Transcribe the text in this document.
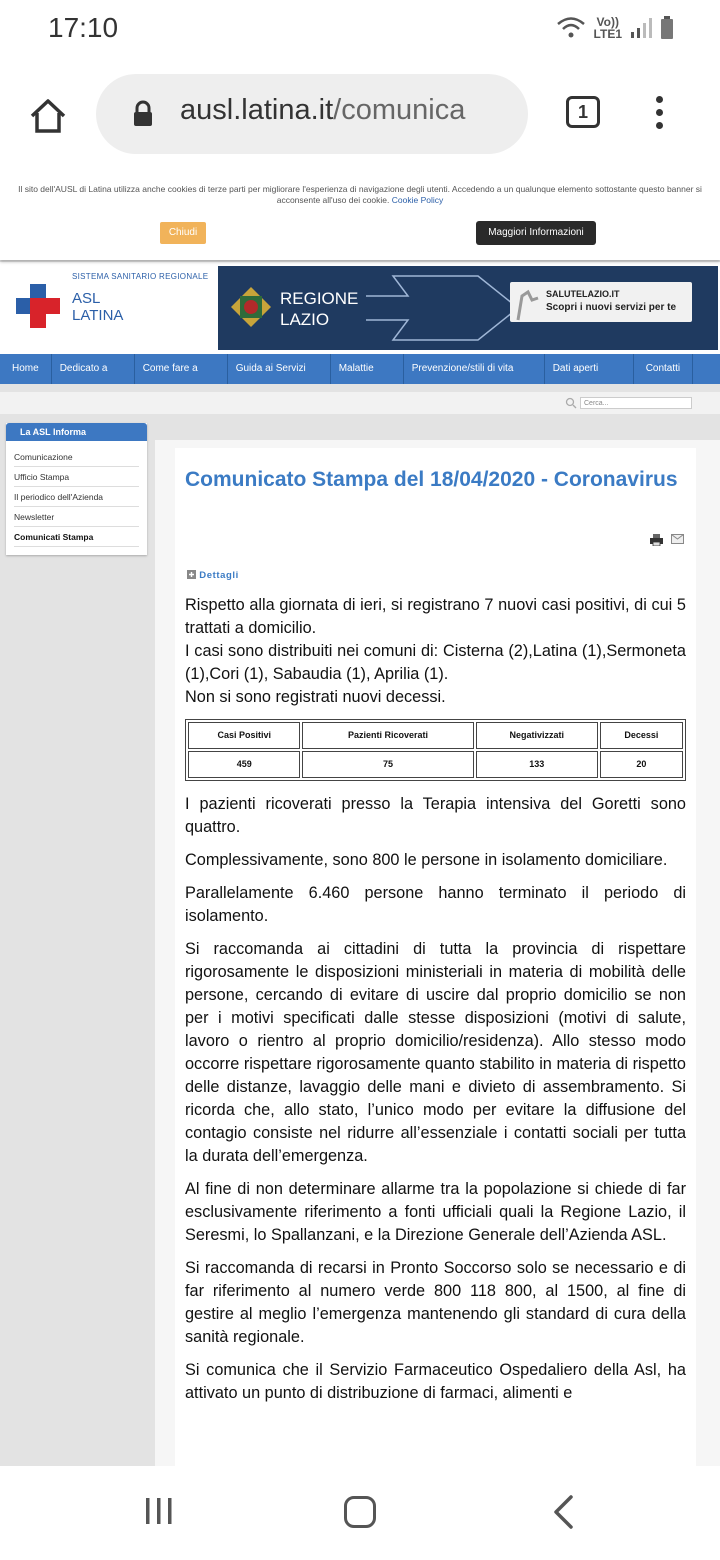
17:10	Vo))
LTE1
ausl.latina.it/comunica	1

Il sito dell'AUSL di Latina utilizza anche cookies di terze parti per migliorare l'esperienza di navigazione degli utenti. Accedendo a un qualunque elemento sottostante questo banner si acconsente all'uso dei cookie. Cookie Policy

Chiudi	Maggiori Informazioni
SISTEMA SANITARIO REGIONALE
ASL
LATINA
REGIONE
LAZIO
SALUTELAZIO.IT
Scopri i nuovi servizi per te
Home	Dedicato a	Come fare a	Guida ai Servizi	Malattie	Prevenzione/stili di vita	Dati aperti	Contatti
Cerca...
La ASL Informa
Comunicazione
Ufficio Stampa
Il periodico dell'Azienda
Newsletter
Comunicati Stampa
Comunicato Stampa del 18/04/2020 - Coronavirus
Dettagli

Rispetto alla giornata di ieri, si registrano 7 nuovi casi positivi, di cui 5 trattati a domicilio.

I casi sono distribuiti nei comuni di: Cisterna (2),Latina (1),Sermoneta (1),Cori (1), Sabaudia (1), Aprilia (1).

Non si sono registrati nuovi decessi.

Casi Positivi	Pazienti Ricoverati	Negativizzati	Decessi
459	75	133	20

I pazienti ricoverati presso la Terapia intensiva del Goretti sono quattro.

Complessivamente, sono 800 le persone in isolamento domiciliare.

Parallelamente 6.460 persone hanno terminato il periodo di isolamento.

Si raccomanda ai cittadini di tutta la provincia di rispettare rigorosamente le disposizioni ministeriali in materia di mobilità delle persone, cercando di evitare di uscire dal proprio domicilio se non per i motivi specificati dalle stesse disposizioni (motivi di salute, lavoro o rientro al proprio domicilio/residenza). Allo stesso modo occorre rispettare rigorosamente quanto stabilito in materia di rispetto delle distanze, lavaggio delle mani e divieto di assembramento. Si ricorda che, allo stato, l’unico modo per evitare la diffusione del contagio consiste nel ridurre all’essenziale i contatti sociali per tutta la durata dell’emergenza.

Al fine di non determinare allarme tra la popolazione si chiede di far esclusivamente riferimento a fonti ufficiali quali la Regione Lazio, il Seresmi, lo Spallanzani, e la Direzione Generale dell’Azienda ASL.

Si raccomanda di recarsi in Pronto Soccorso solo se necessario e di far riferimento al numero verde 800 118 800, al 1500, al fine di gestire al meglio l’emergenza mantenendo gli standard di cura della sanità regionale.

Si comunica che il Servizio Farmaceutico Ospedaliero della Asl, ha attivato un punto di distribuzione di farmaci, alimenti e
